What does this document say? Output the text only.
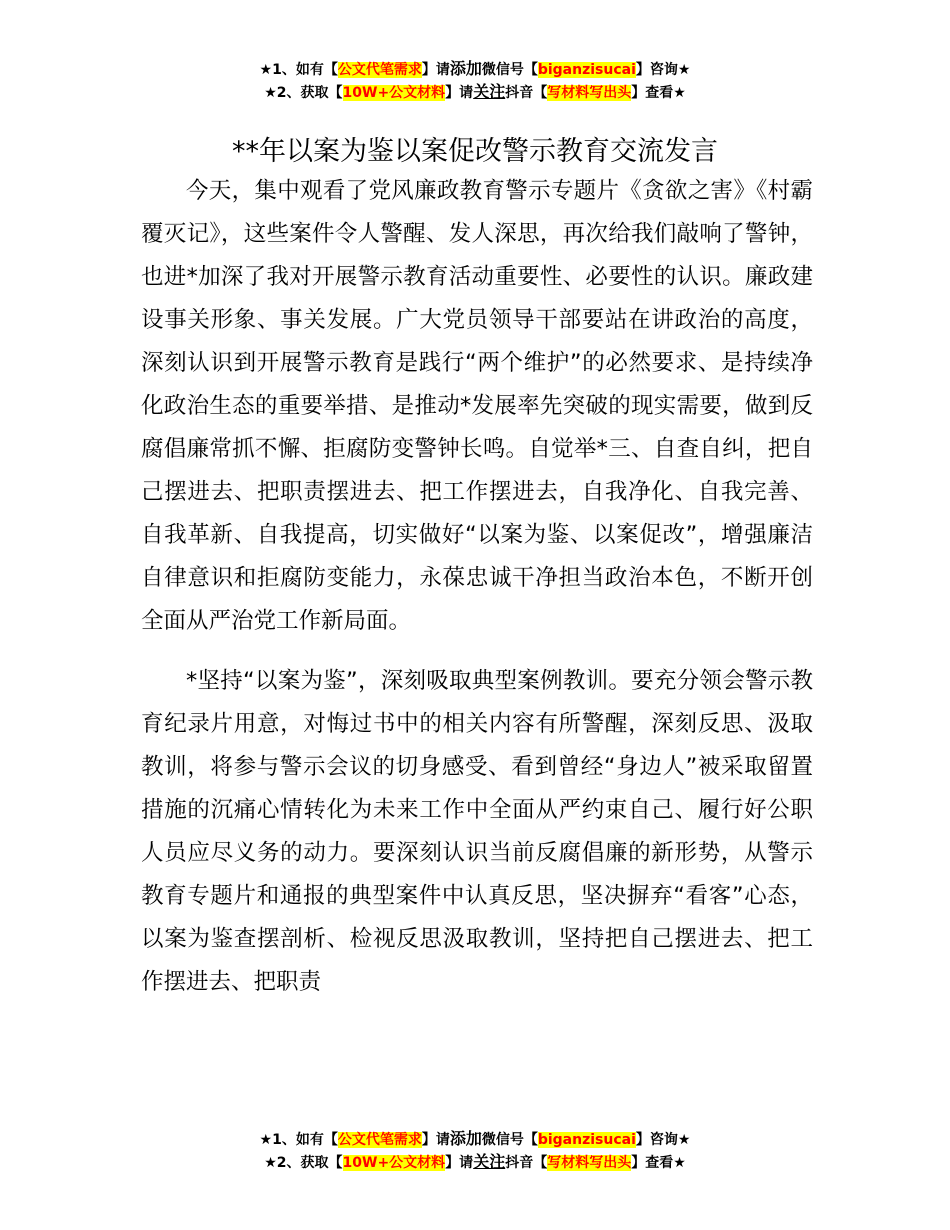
★1、如有【公文代笔需求】请添加微信号【biganzisucai】咨询★
★2、获取【10W+公文材料】请关注抖音【写材料写出头】查看★
**年以案为鉴以案促改警示教育交流发言

今天，集中观看了党风廉政教育警示专题片《贪欲之害》《村霸覆灭记》，这些案件令人警醒、发人深思，再次给我们敲响了警钟，也进*加深了我对开展警示教育活动重要性、必要性的认识。廉政建设事关形象、事关发展。广大党员领导干部要站在讲政治的高度，深刻认识到开展警示教育是践行“两个维护”的必然要求、是持续净化政治生态的重要举措、是推动*发展率先突破的现实需要，做到反腐倡廉常抓不懈、拒腐防变警钟长鸣。自觉举*三、自查自纠，把自己摆进去、把职责摆进去、把工作摆进去，自我净化、自我完善、自我革新、自我提高，切实做好“以案为鉴、以案促改”，增强廉洁自律意识和拒腐防变能力，永葆忠诚干净担当政治本色，不断开创全面从严治党工作新局面。

*坚持“以案为鉴”，深刻吸取典型案例教训。要充分领会警示教育纪录片用意，对悔过书中的相关内容有所警醒，深刻反思、汲取教训，将参与警示会议的切身感受、看到曾经“身边人”被采取留置措施的沉痛心情转化为未来工作中全面从严约束自己、履行好公职人员应尽义务的动力。要深刻认识当前反腐倡廉的新形势，从警示教育专题片和通报的典型案件中认真反思，坚决摒弃“看客”心态，以案为鉴查摆剖析、检视反思汲取教训，坚持把自己摆进去、把工作摆进去、把职责

★1、如有【公文代笔需求】请添加微信号【biganzisucai】咨询★
★2、获取【10W+公文材料】请关注抖音【写材料写出头】查看★
